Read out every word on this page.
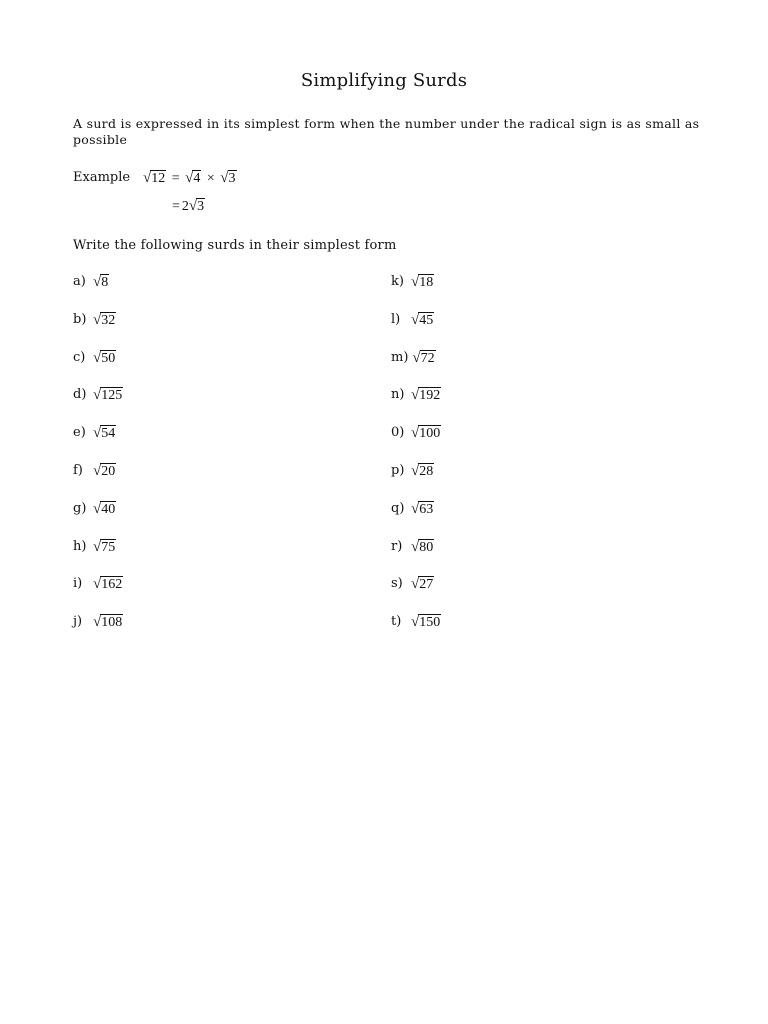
Simplifying Surds
A surd is expressed in its simplest form when the number under the radical sign is as small as possible
Example √ 12 = √ 4 × √ 3
= 2 √ 3
Write the following surds in their simplest form
a) √ 8
b) √ 32
c) √ 50
d) √ 125
e) √ 54
f) √ 20
g) √ 40
h) √ 75
i) √ 162
j) √ 108
k) √ 18
l) √ 45
m) √ 72
n) √ 192
0) √ 100
p) √ 28
q) √ 63
r) √ 80
s) √ 27
t) √ 150
